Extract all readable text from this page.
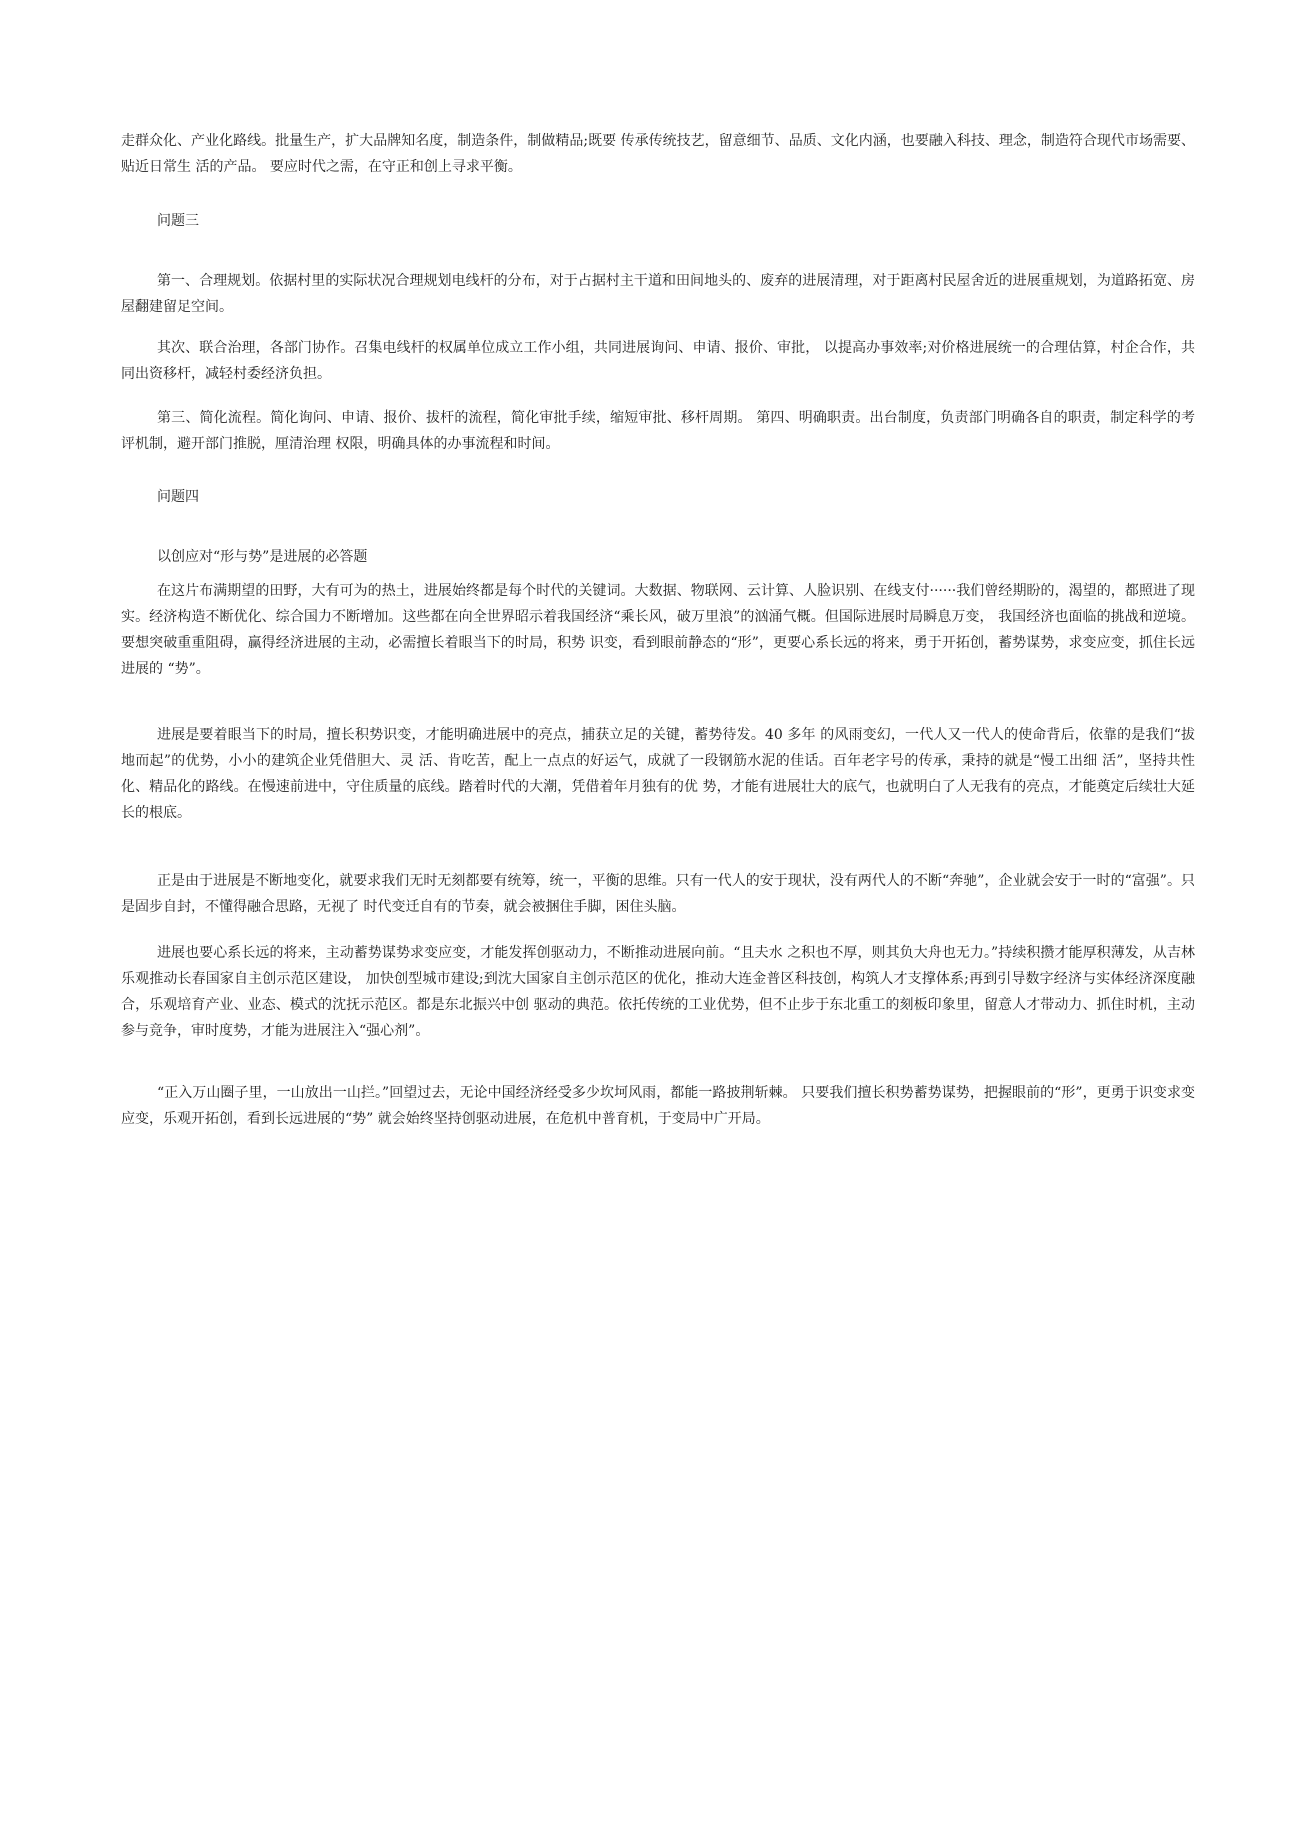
走群众化、产业化路线。批量生产，扩大品牌知名度，制造条件，制做精品;既要 传承传统技艺，留意细节、品质、文化内涵，也要融入科技、理念，制造符合现代市场需要、贴近日常生 活的产品。 要应时代之需，在守正和创上寻求平衡。

问题三

第一、合理规划。依据村里的实际状况合理规划电线杆的分布，对于占据村主干道和田间地头的、废弃的进展清理，对于距离村民屋舍近的进展重规划，为道路拓宽、房屋翻建留足空间。

其次、联合治理，各部门协作。召集电线杆的权属单位成立工作小组，共同进展询问、申请、报价、审批， 以提高办事效率;对价格进展统一的合理估算，村企合作，共同出资移杆，减轻村委经济负担。

第三、简化流程。简化询问、申请、报价、拔杆的流程，简化审批手续，缩短审批、移杆周期。 第四、明确职责。出台制度，负责部门明确各自的职责，制定科学的考评机制，避开部门推脱，厘清治理 权限，明确具体的办事流程和时间。

问题四
以创应对“形与势”是进展的必答题

在这片布满期望的田野，大有可为的热土，进展始终都是每个时代的关键词。大数据、物联网、云计算、人脸识别、在线支付······我们曾经期盼的，渴望的，都照进了现实。经济构造不断优化、综合国力不断增加。这些都在向全世界昭示着我国经济“乘长风，破万里浪”的汹涌气概。但国际进展时局瞬息万变， 我国经济也面临的挑战和逆境。要想突破重重阻碍，赢得经济进展的主动，必需擅长着眼当下的时局，积势 识变，看到眼前静态的“形”，更要心系长远的将来，勇于开拓创，蓄势谋势，求变应变，抓住长远进展的 “势”。

进展是要着眼当下的时局，擅长积势识变，才能明确进展中的亮点，捕获立足的关键，蓄势待发。40 多年 的风雨变幻，一代人又一代人的使命背后，依靠的是我们“拔地而起”的优势，小小的建筑企业凭借胆大、灵 活、肯吃苦，配上一点点的好运气，成就了一段钢筋水泥的佳话。百年老字号的传承，秉持的就是“慢工出细 活”，坚持共性化、精品化的路线。在慢速前进中，守住质量的底线。踏着时代的大潮，凭借着年月独有的优 势，才能有进展壮大的底气，也就明白了人无我有的亮点，才能奠定后续壮大延长的根底。

正是由于进展是不断地变化，就要求我们无时无刻都要有统筹，统一，平衡的思维。只有一代人的安于现状，没有两代人的不断“奔驰”，企业就会安于一时的“富强”。只是固步自封，不懂得融合思路，无视了 时代变迁自有的节奏，就会被捆住手脚，困住头脑。

进展也要心系长远的将来，主动蓄势谋势求变应变，才能发挥创驱动力，不断推动进展向前。“且夫水 之积也不厚，则其负大舟也无力。”持续积攒才能厚积薄发，从吉林乐观推动长春国家自主创示范区建设， 加快创型城市建设;到沈大国家自主创示范区的优化，推动大连金普区科技创，构筑人才支撑体系;再到引导数字经济与实体经济深度融合，乐观培育产业、业态、模式的沈抚示范区。都是东北振兴中创 驱动的典范。依托传统的工业优势，但不止步于东北重工的刻板印象里，留意人才带动力、抓住时机，主动 参与竞争，审时度势，才能为进展注入“强心剂”。

“正入万山圈子里，一山放出一山拦。”回望过去，无论中国经济经受多少坎坷风雨，都能一路披荆斩棘。 只要我们擅长积势蓄势谋势，把握眼前的“形”，更勇于识变求变应变，乐观开拓创，看到长远进展的“势” 就会始终坚持创驱动进展，在危机中普育机，于变局中广开局。
